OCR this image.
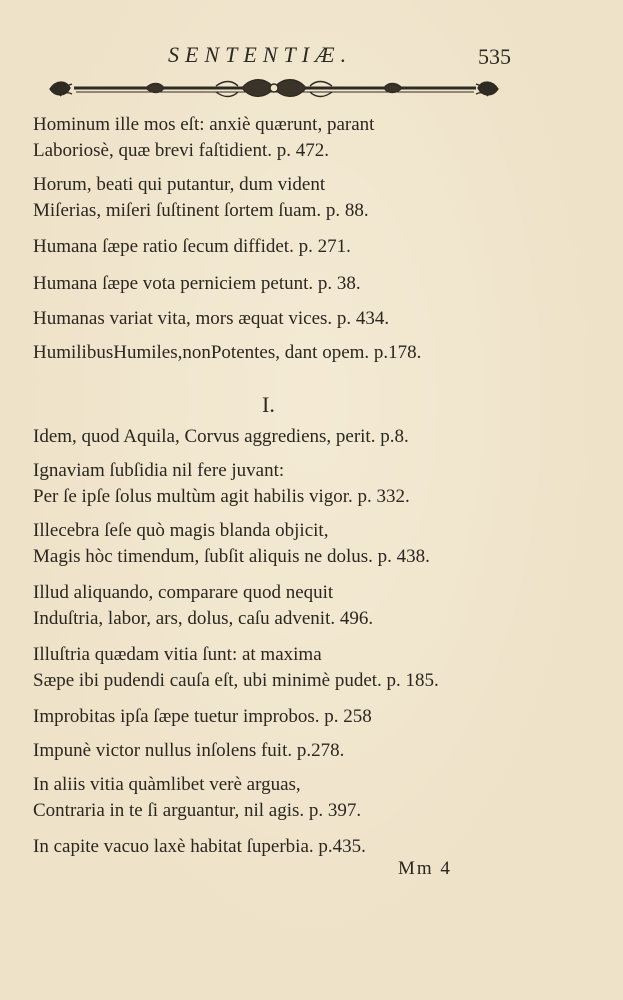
SENTENTIÆ.	535
Hominum ille mos eſt: anxiè quærunt, parant
Laboriosè, quæ brevi faſtidient. p. 472.
Horum, beati qui putantur, dum vident
Miſerias, miſeri ſuſtinent ſortem ſuam. p. 88.
Humana ſæpe ratio ſecum diffidet. p. 271.
Humana ſæpe vota perniciem petunt. p. 38.
Humanas variat vita, mors æquat vices. p. 434.
HumilibusHumiles,nonPotentes, dant opem. p.178.
I.
Idem, quod Aquila, Corvus aggrediens, perit. p.8.
Ignaviam ſubſidia nil fere juvant:
Per ſe ipſe ſolus multùm agit habilis vigor. p. 332.
Illecebra ſeſe quò magis blanda objicit,
Magis hòc timendum, ſubſit aliquis ne dolus. p. 438.
Illud aliquando, comparare quod nequit
Induſtria, labor, ars, dolus, caſu advenit. 496.
Illuſtria quædam vitia ſunt: at maxima
Sæpe ibi pudendi cauſa eſt, ubi minimè pudet. p. 185.
Improbitas ipſa ſæpe tuetur improbos. p. 258
Impunè victor nullus inſolens fuit. p.278.
In aliis vitia quàmlibet verè arguas,
Contraria in te ſi arguantur, nil agis. p. 397.
In capite vacuo laxè habitat ſuperbia. p.435.
Mm 4
